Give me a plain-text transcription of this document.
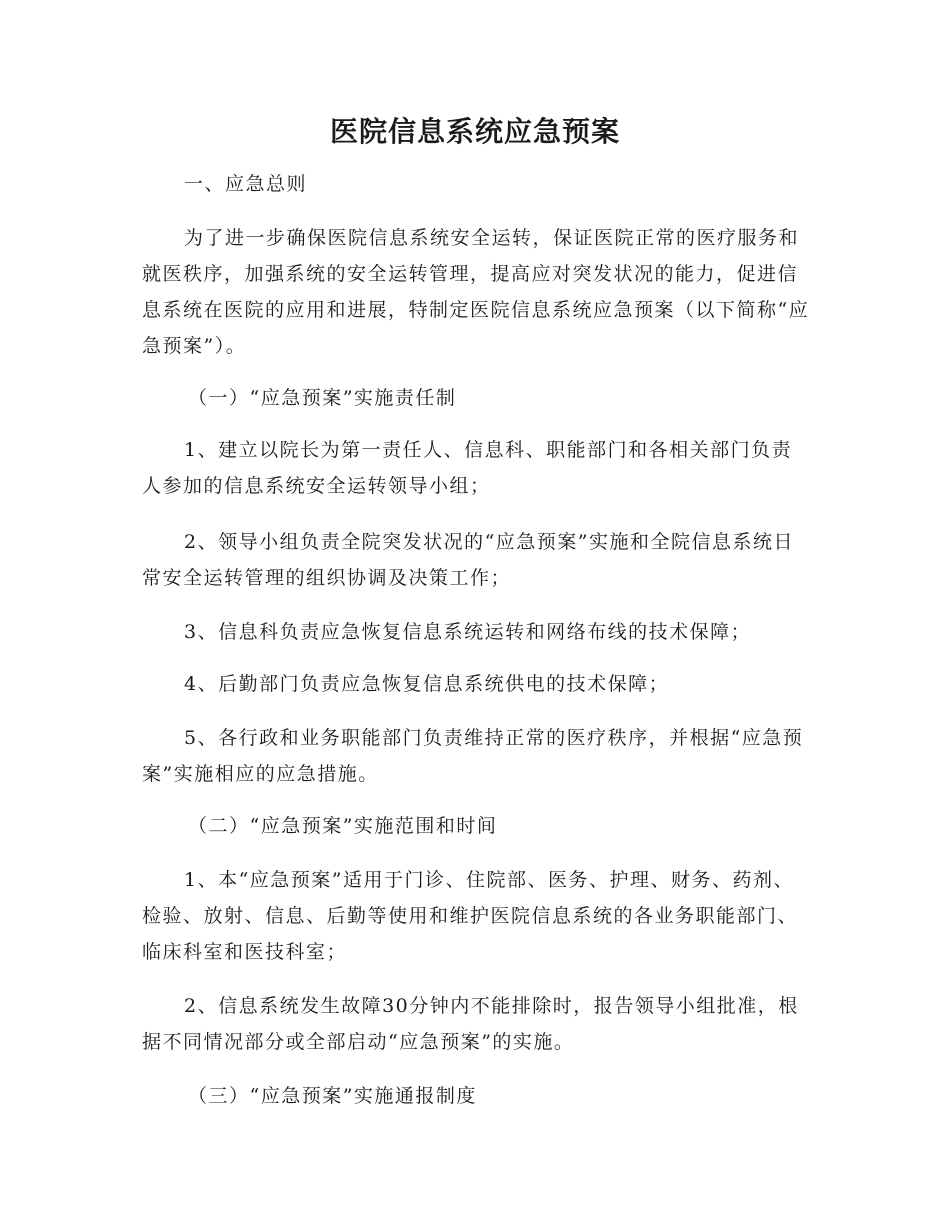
医院信息系统应急预案

一、应急总则

为了进一步确保医院信息系统安全运转，保证医院正常的医疗服务和就医秩序，加强系统的安全运转管理，提高应对突发状况的能力，促进信息系统在医院的应用和进展，特制定医院信息系统应急预案（以下简称“应急预案”）。

（一）“应急预案”实施责任制

1、建立以院长为第一责任人、信息科、职能部门和各相关部门负责人参加的信息系统安全运转领导小组；

2、领导小组负责全院突发状况的“应急预案”实施和全院信息系统日常安全运转管理的组织协调及决策工作；

3、信息科负责应急恢复信息系统运转和网络布线的技术保障；

4、后勤部门负责应急恢复信息系统供电的技术保障；

5、各行政和业务职能部门负责维持正常的医疗秩序，并根据“应急预案”实施相应的应急措施。

（二）“应急预案”实施范围和时间

1、本“应急预案”适用于门诊、住院部、医务、护理、财务、药剂、检验、放射、信息、后勤等使用和维护医院信息系统的各业务职能部门、临床科室和医技科室；

2、信息系统发生故障30分钟内不能排除时，报告领导小组批准，根据不同情况部分或全部启动“应急预案”的实施。

（三）“应急预案”实施通报制度
